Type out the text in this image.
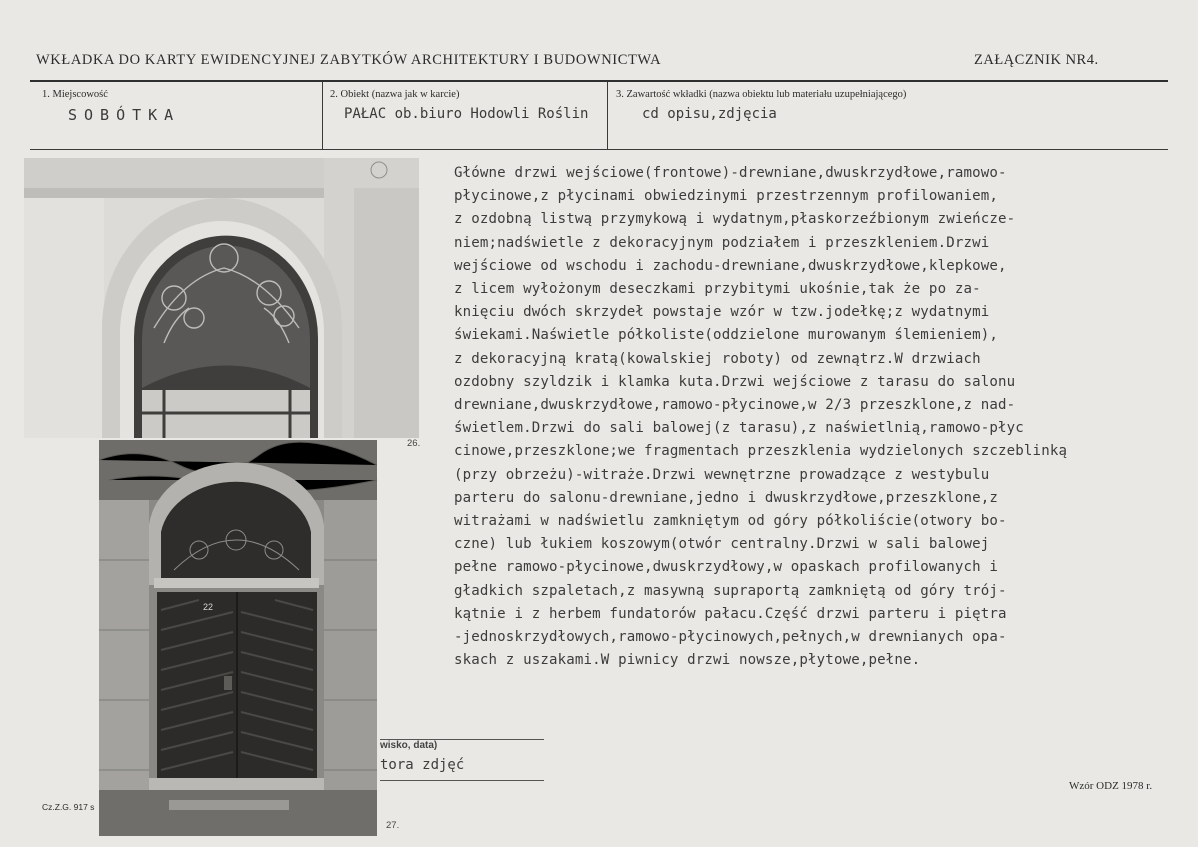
WKŁADKA DO KARTY EWIDENCYJNEJ ZABYTKÓW ARCHITEKTURY I BUDOWNICTWA	ZAŁĄCZNIK NR4.
1. Miejscowość
SOBÓTKA
2. Obiekt (nazwa jak w karcie)
PAŁAC ob.biuro Hodowli Roślin
3. Zawartość wkładki (nazwa obiektu lub materiału uzupełniającego)
cd opisu,zdjęcia
26.
22
27.
Główne drzwi wejściowe(frontowe)-drewniane,dwuskrzydłowe,ramowo-
płycinowe,z płycinami obwiedzinymi przestrzennym profilowaniem,
z ozdobną listwą przymykową i wydatnym,płaskorzeźbionym zwieńcze-
niem;nadświetle z dekoracyjnym podziałem i przeszkleniem.Drzwi
wejściowe od wschodu i zachodu-drewniane,dwuskrzydłowe,klepkowe,
z licem wyłożonym deseczkami przybitymi ukośnie,tak że po za-
knięciu dwóch skrzydeł powstaje wzór w tzw.jodełkę;z wydatnymi
świekami.Naświetle półkoliste(oddzielone murowanym ślemieniem),
z dekoracyjną kratą(kowalskiej roboty) od zewnątrz.W drzwiach
ozdobny szyldzik i klamka kuta.Drzwi wejściowe z tarasu do salonu
drewniane,dwuskrzydłowe,ramowo-płycinowe,w 2/3 przeszklone,z nad-
świetlem.Drzwi do sali balowej(z tarasu),z naświetlnią,ramowo-płyc
cinowe,przeszklone;we fragmentach przeszklenia wydzielonych szczeblinką
(przy obrzeżu)-witraże.Drzwi wewnętrzne prowadzące z westybulu
parteru do salonu-drewniane,jedno i dwuskrzydłowe,przeszklone,z
witrażami w nadświetlu zamkniętym od góry półkoliście(otwory bo-
czne) lub łukiem koszowym(otwór centralny.Drzwi w sali balowej
pełne ramowo-płycinowe,dwuskrzydłowy,w opaskach profilowanych i
gładkich szpaletach,z masywną supraportą zamkniętą od góry trój-
kątnie i z herbem fundatorów pałacu.Część drzwi parteru i piętra
-jednoskrzydłowych,ramowo-płycinowych,pełnych,w drewnianych opa-
skach z uszakami.W piwnicy drzwi nowsze,płytowe,pełne.
wisko, data)
tora zdjęć
Wzór ODZ 1978 r.
Cz.Z.G. 917 s
